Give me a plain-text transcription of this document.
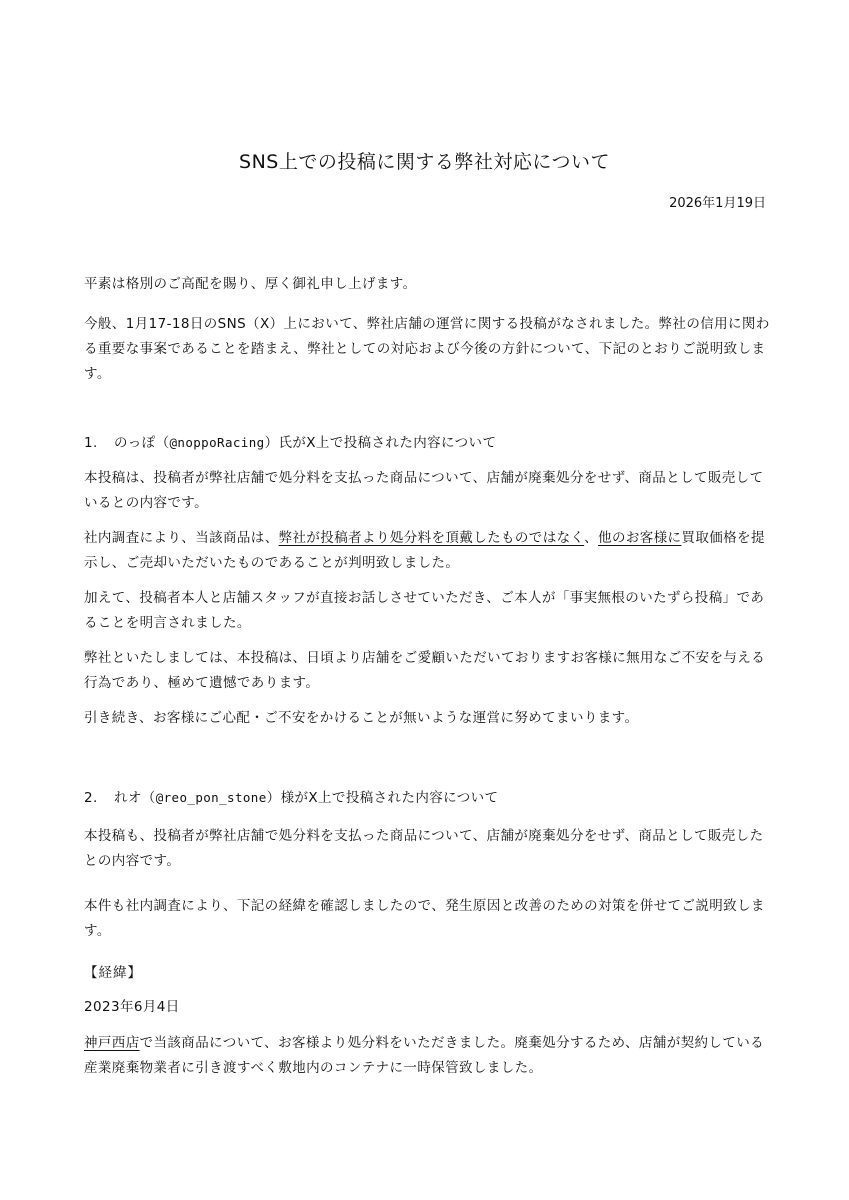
SNS上での投稿に関する弊社対応について
2026年1月19日
平素は格別のご高配を賜り、厚く御礼申し上げます。
今般、1月17-18日のSNS（X）上において、弊社店舗の運営に関する投稿がなされました。弊社の信用に関わる重要な事案であることを踏まえ、弊社としての対応および今後の方針について、下記のとおりご説明致します。
1. のっぽ（@noppoRacing）氏がX上で投稿された内容について
本投稿は、投稿者が弊社店舗で処分料を支払った商品について、店舗が廃棄処分をせず、商品として販売しているとの内容です。
社内調査により、当該商品は、弊社が投稿者より処分料を頂戴したものではなく、他のお客様に買取価格を提示し、ご売却いただいたものであることが判明致しました。
加えて、投稿者本人と店舗スタッフが直接お話しさせていただき、ご本人が「事実無根のいたずら投稿」であることを明言されました。
弊社といたしましては、本投稿は、日頃より店舗をご愛顧いただいておりますお客様に無用なご不安を与える行為であり、極めて遺憾であります。
引き続き、お客様にご心配・ご不安をかけることが無いような運営に努めてまいります。
2. れオ（@reo_pon_stone）様がX上で投稿された内容について
本投稿も、投稿者が弊社店舗で処分料を支払った商品について、店舗が廃棄処分をせず、商品として販売したとの内容です。
本件も社内調査により、下記の経緯を確認しましたので、発生原因と改善のための対策を併せてご説明致します。
【経緯】
2023年6月4日
神戸西店で当該商品について、お客様より処分料をいただきました。廃棄処分するため、店舗が契約している産業廃棄物業者に引き渡すべく敷地内のコンテナに一時保管致しました。
